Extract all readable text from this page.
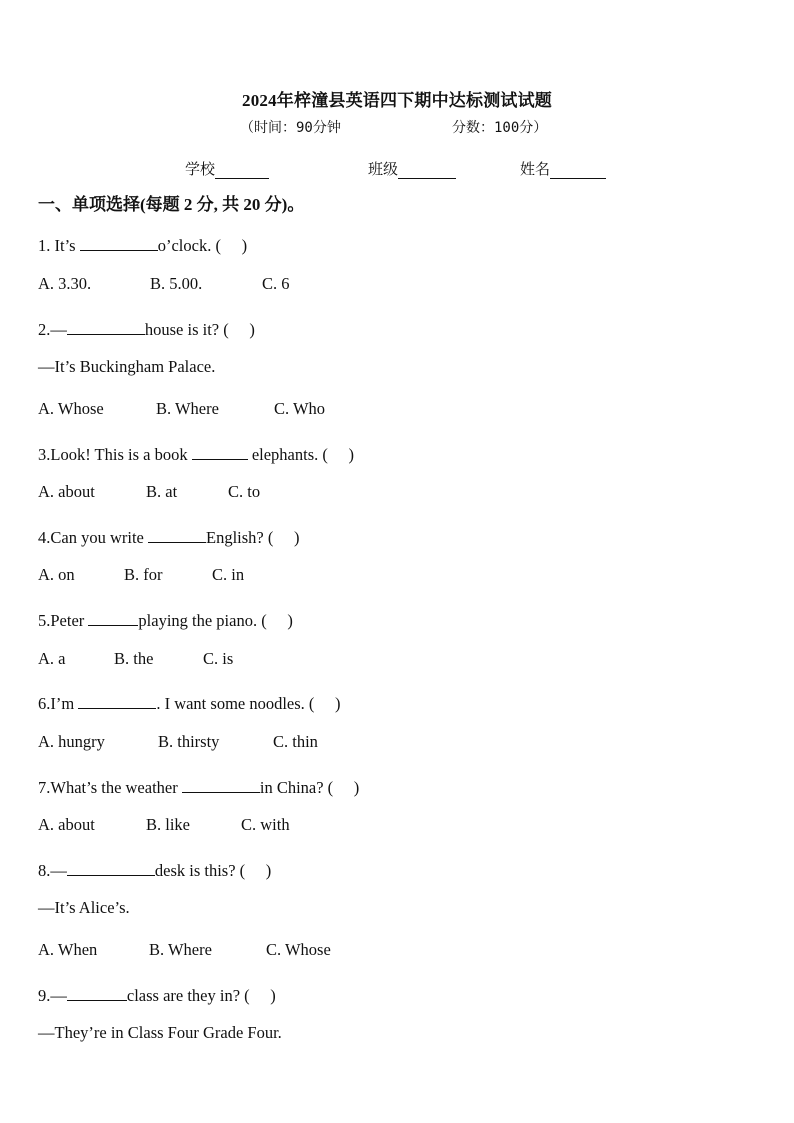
2024年梓潼县英语四下期中达标测试试题
（时间：90分钟	分数：100分）
学校	班级	姓名
一、单项选择(每题 2 分, 共 20 分)。
1. It’s	o’clock. (　 )
A. 3.30.	B. 5.00.	C. 6
2.—	house is it? (　 )
—It’s Buckingham Palace.
A. Whose	B. Where	C. Who
3.Look! This is a book	elephants. (　 )
A. about	B. at	C. to
4.Can you write	English? (　 )
A. on	B. for	C. in
5.Peter	playing the piano. (　 )
A. a	B. the	C. is
6.I’m	. I want some noodles. (　 )
A. hungry	B. thirsty	C. thin
7.What’s the weather	in China? (　 )
A. about	B. like	C. with
8.—	desk is this? (　 )
—It’s Alice’s.
A. When	B. Where	C. Whose
9.—	class are they in? (　 )
—They’re in Class Four Grade Four.
